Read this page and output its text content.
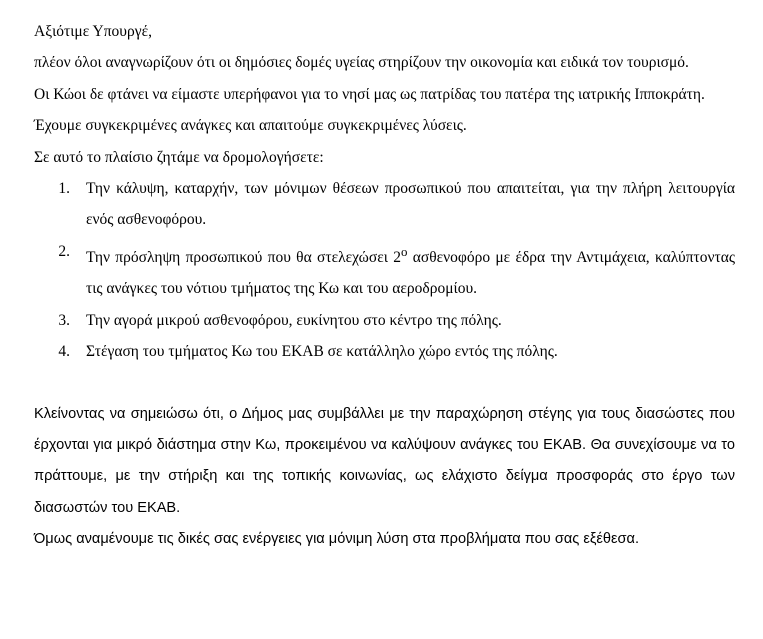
Αξιότιμε Υπουργέ,

πλέον όλοι αναγνωρίζουν ότι οι δημόσιες δομές υγείας στηρίζουν την οικονομία και ειδικά τον τουρισμό.

Οι Κώοι δε φτάνει να είμαστε υπερήφανοι για το νησί μας ως πατρίδας του πατέρα της ιατρικής Ιπποκράτη.

Έχουμε συγκεκριμένες ανάγκες και απαιτούμε συγκεκριμένες λύσεις.

Σε αυτό το πλαίσιο ζητάμε να δρομολογήσετε:

1.	Την κάλυψη, καταρχήν, των μόνιμων θέσεων προσωπικού που απαιτείται, για την πλήρη λειτουργία ενός ασθενοφόρου.
2.	Την πρόσληψη προσωπικού που θα στελεχώσει $2^o$ ασθενοφόρο με έδρα την Αντιμάχεια, καλύπτοντας τις ανάγκες του νότιου τμήματος της Κω και του αεροδρομίου.
3.	Την αγορά μικρού ασθενοφόρου, ευκίνητου στο κέντρο της πόλης.
4.	Στέγαση του τμήματος Κω του ΕΚΑΒ σε κατάλληλο χώρο εντός της πόλης.

Κλείνοντας να σημειώσω ότι, ο Δήμος μας συμβάλλει με την παραχώρηση στέγης για τους διασώστες που έρχονται για μικρό διάστημα στην Κω, προκειμένου να καλύψουν ανάγκες του ΕΚΑΒ. Θα συνεχίσουμε να το πράττουμε, με την στήριξη και της τοπικής κοινωνίας, ως ελάχιστο δείγμα προσφοράς στο έργο των διασωστών του ΕΚΑΒ.

Όμως αναμένουμε τις δικές σας ενέργειες για μόνιμη λύση στα προβλήματα που σας εξέθεσα.
